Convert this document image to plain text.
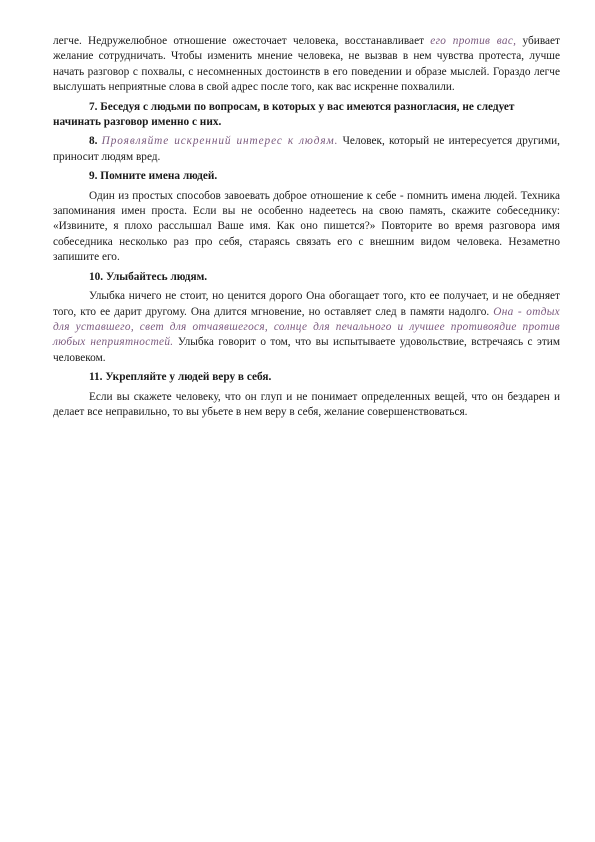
легче. Недружелюбное отношение ожесточает человека, восстанавливает его против вас, убивает желание сотрудничать. Чтобы изменить мнение человека, не вызвав в нем чувства протеста, лучше начать разговор с похвалы, с несомненных достоинств в его поведении и образе мыслей. Гораздо легче выслушать неприятные слова в свой адрес после того, как вас искренне похвалили.

7. Беседуя с людьми по вопросам, в которых у вас имеются разногласия, не следует начинать разговор именно с них.

8. Проявляйте искренний интерес к людям. Человек, который не интересуется другими, приносит людям вред.

9. Помните имена людей.

Один из простых способов завоевать доброе отношение к себе - помнить имена людей. Техника запоминания имен проста. Если вы не особенно надеетесь на свою память, скажите собеседнику: «Извините, я плохо расслышал Ваше имя. Как оно пишется?» Повторите во время разговора имя собеседника несколько раз про себя, стараясь связать его с внешним видом человека. Незаметно запишите его.

10. Улыбайтесь людям.

Улыбка ничего не стоит, но ценится дорого Она обогащает того, кто ее получает, и не обедняет того, кто ее дарит другому. Она длится мгновение, но оставляет след в памяти надолго. Она - отдых для уставшего, свет для отчаявшегося, солнце для печального и лучшее противоядие против любых неприятностей. Улыбка говорит о том, что вы испытываете удовольствие, встречаясь с этим человеком.

11. Укрепляйте у людей веру в себя.

Если вы скажете человеку, что он глуп и не понимает определенных вещей, что он бездарен и делает все неправильно, то вы убьете в нем веру в себя, желание совершенствоваться.
